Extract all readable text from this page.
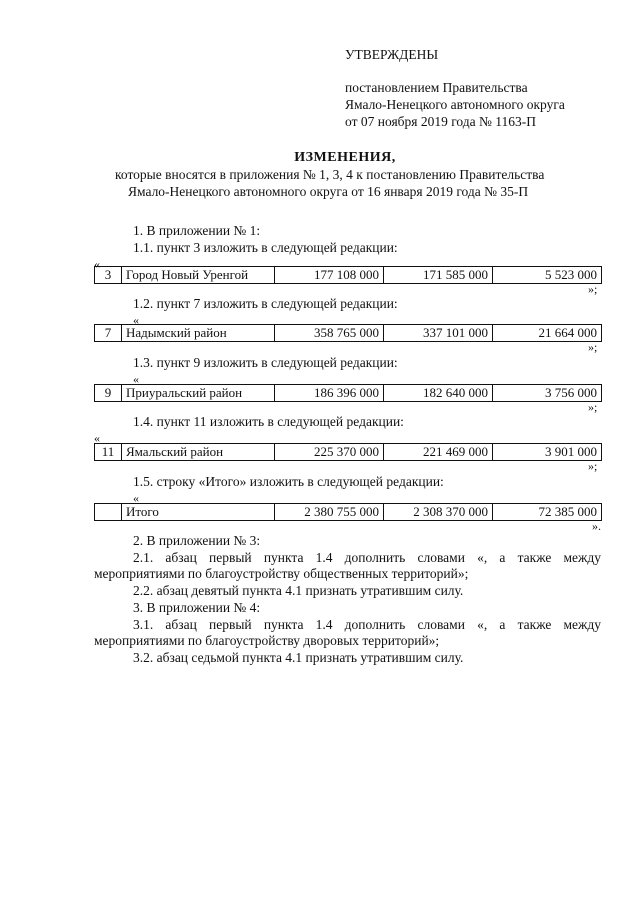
УТВЕРЖДЕНЫ
постановлением Правительства
Ямало-Ненецкого автономного округа
от 07 ноября 2019 года № 1163-П
ИЗМЕНЕНИЯ,
которые вносятся в приложения № 1, 3, 4 к постановлению Правительства
Ямало-Ненецкого автономного округа от 16 января 2019 года № 35-П
1. В приложении № 1:
1.1. пункт 3 изложить в следующей редакции:
«
3	Город Новый Уренгой	177 108 000	171 585 000	5 523 000
»;
1.2. пункт 7 изложить в следующей редакции:
«
7	Надымский район	358 765 000	337 101 000	21 664 000
»;
1.3. пункт 9 изложить в следующей редакции:
«
9	Приуральский район	186 396 000	182 640 000	3 756 000
»;
1.4. пункт 11 изложить в следующей редакции:
«
11	Ямальский район	225 370 000	221 469 000	3 901 000
»;
1.5. строку «Итого» изложить в следующей редакции:
«
	Итого	2 380 755 000	2 308 370 000	72 385 000
».
2. В приложении № 3:
2.1. абзац первый пункта 1.4 дополнить словами «, а также между
мероприятиями по благоустройству общественных территорий»;
2.2. абзац девятый пункта 4.1 признать утратившим силу.
3. В приложении № 4:
3.1. абзац первый пункта 1.4 дополнить словами «, а также между
мероприятиями по благоустройству дворовых территорий»;
3.2. абзац седьмой пункта 4.1 признать утратившим силу.
